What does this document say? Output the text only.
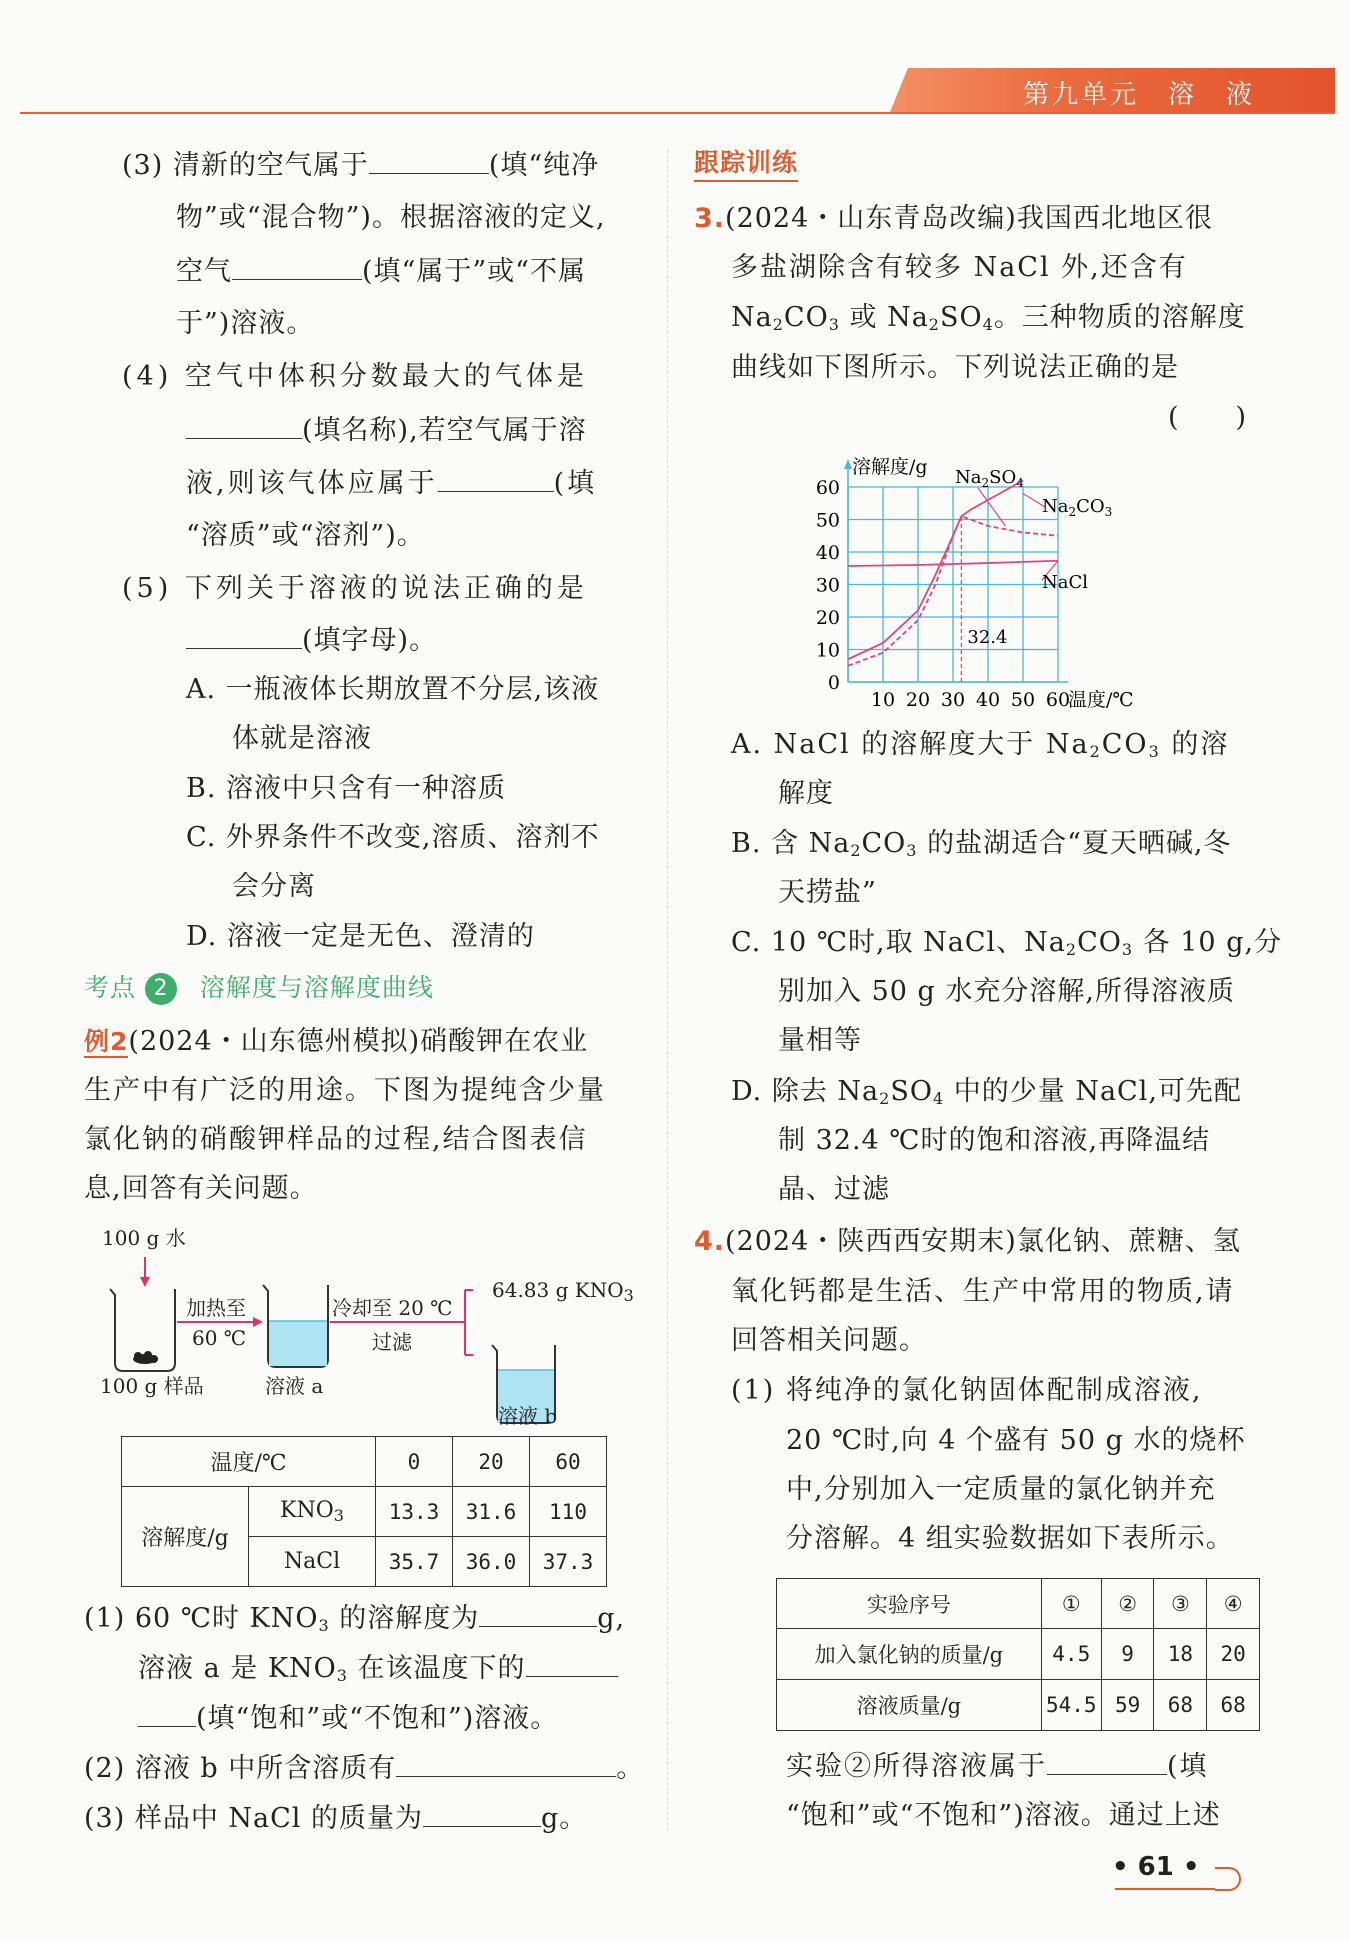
第九单元　溶　液
(3) 清新的空气属于	(填“纯净
物”或“混合物”)。根据溶液的定义,
空气	(填“属于”或“不属
于”)溶液。
(4) 空气中体积分数最大的气体是
(填名称),若空气属于溶
液,则该气体应属于	(填
“溶质”或“溶剂”)。
(5) 下列关于溶液的说法正确的是
(填字母)。
A. 一瓶液体长期放置不分层,该液
体就是溶液
B. 溶液中只含有一种溶质
C. 外界条件不改变,溶质、溶剂不
会分离
D. 溶液一定是无色、澄清的
考点 2 溶解度与溶解度曲线
例2(2024・山东德州模拟)硝酸钾在农业
生产中有广泛的用途。下图为提纯含少量
氯化钠的硝酸钾样品的过程,结合图表信
息,回答有关问题。
100 g 水
加热至
60 ℃
100 g 样品	溶液 a
冷却至 20 ℃
过滤
64.83 g $KNO_3$
溶液 b
温度/℃		0	20	60
溶解度/g	$KNO_3$	13.3	31.6	110
	NaCl	35.7	36.0	37.3
(1) 60 ℃时 $KNO_3$ 的溶解度为	g,
溶液 a 是 $KNO_3$ 在该温度下的
(填“饱和”或“不饱和”)溶液。
(2) 溶液 b 中所含溶质有	。
(3) 样品中 NaCl 的质量为	g。
跟踪训练
3.(2024・山东青岛改编)我国西北地区很
多盐湖除含有较多 NaCl 外,还含有
$Na_2CO_3$ 或 $Na_2SO_4$。三种物质的溶解度
曲线如下图所示。下列说法正确的是
(　　)
0
10
20
30
40
50
60
10 20 30 40 50 60
溶解度/g
温度/℃
32.4
$Na_2SO_4$
$Na_2CO_3$
NaCl
A. NaCl 的溶解度大于 $Na_2CO_3$ 的溶
解度
B. 含 $Na_2CO_3$ 的盐湖适合“夏天晒碱,冬
天捞盐”
C. 10 ℃时,取 NaCl、$Na_2CO_3$ 各 10 g,分
别加入 50 g 水充分溶解,所得溶液质
量相等
D. 除去 $Na_2SO_4$ 中的少量 NaCl,可先配
制 32.4 ℃时的饱和溶液,再降温结
晶、过滤
4.(2024・陕西西安期末)氯化钠、蔗糖、氢
氧化钙都是生活、生产中常用的物质,请
回答相关问题。
(1) 将纯净的氯化钠固体配制成溶液,
20 ℃时,向 4 个盛有 50 g 水的烧杯
中,分别加入一定质量的氯化钠并充
分溶解。4 组实验数据如下表所示。
实验序号	①	②	③	④
加入氯化钠的质量/g	4.5	9	18	20
溶液质量/g	54.5	59	68	68
实验②所得溶液属于	(填
“饱和”或“不饱和”)溶液。通过上述
• 61 •
